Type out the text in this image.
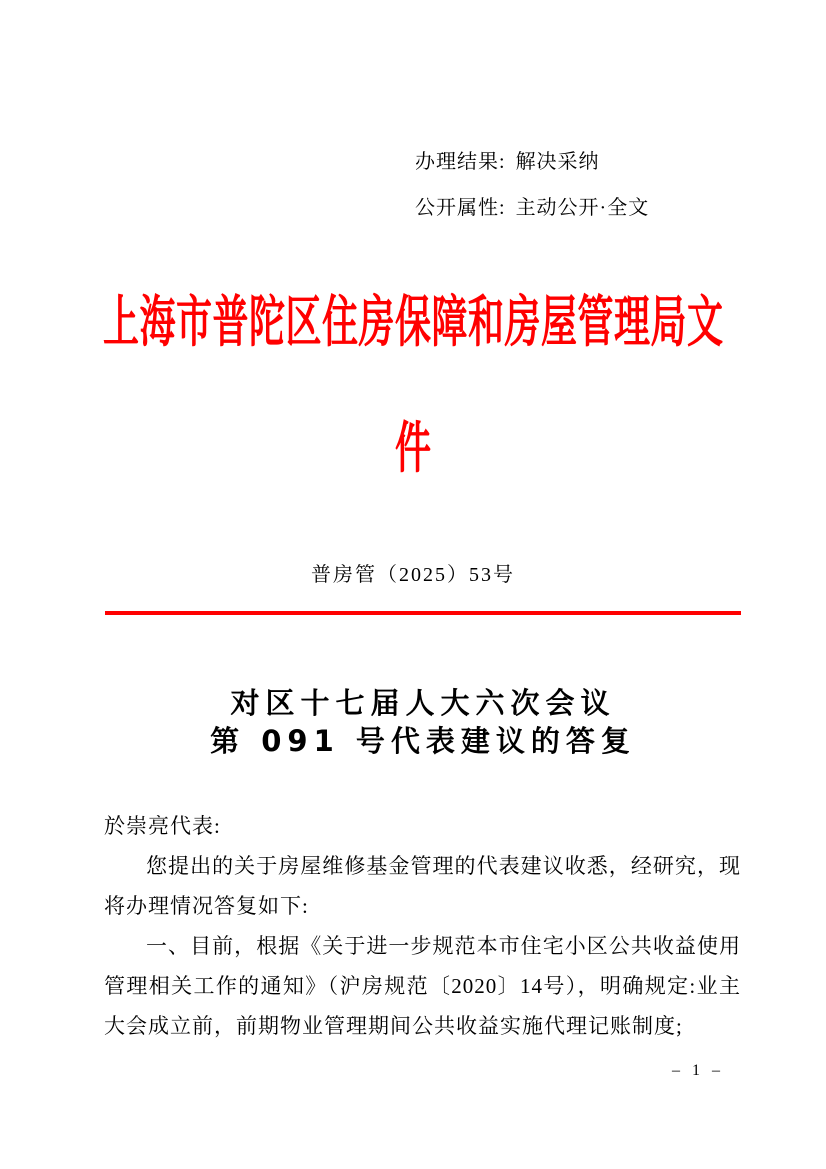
办理结果: 解决采纳
公开属性: 主动公开·全文
上海市普陀区住房保障和房屋管理局文
件
普房管（2025）53号
对区十七届人大六次会议
第 091 号代表建议的答复
於崇亮代表:

您提出的关于房屋维修基金管理的代表建议收悉，经研究，现将办理情况答复如下:

一、目前，根据《关于进一步规范本市住宅小区公共收益使用管理相关工作的通知》（沪房规范〔2020〕14号），明确规定:业主大会成立前，前期物业管理期间公共收益实施代理记账制度;

– 1 –
